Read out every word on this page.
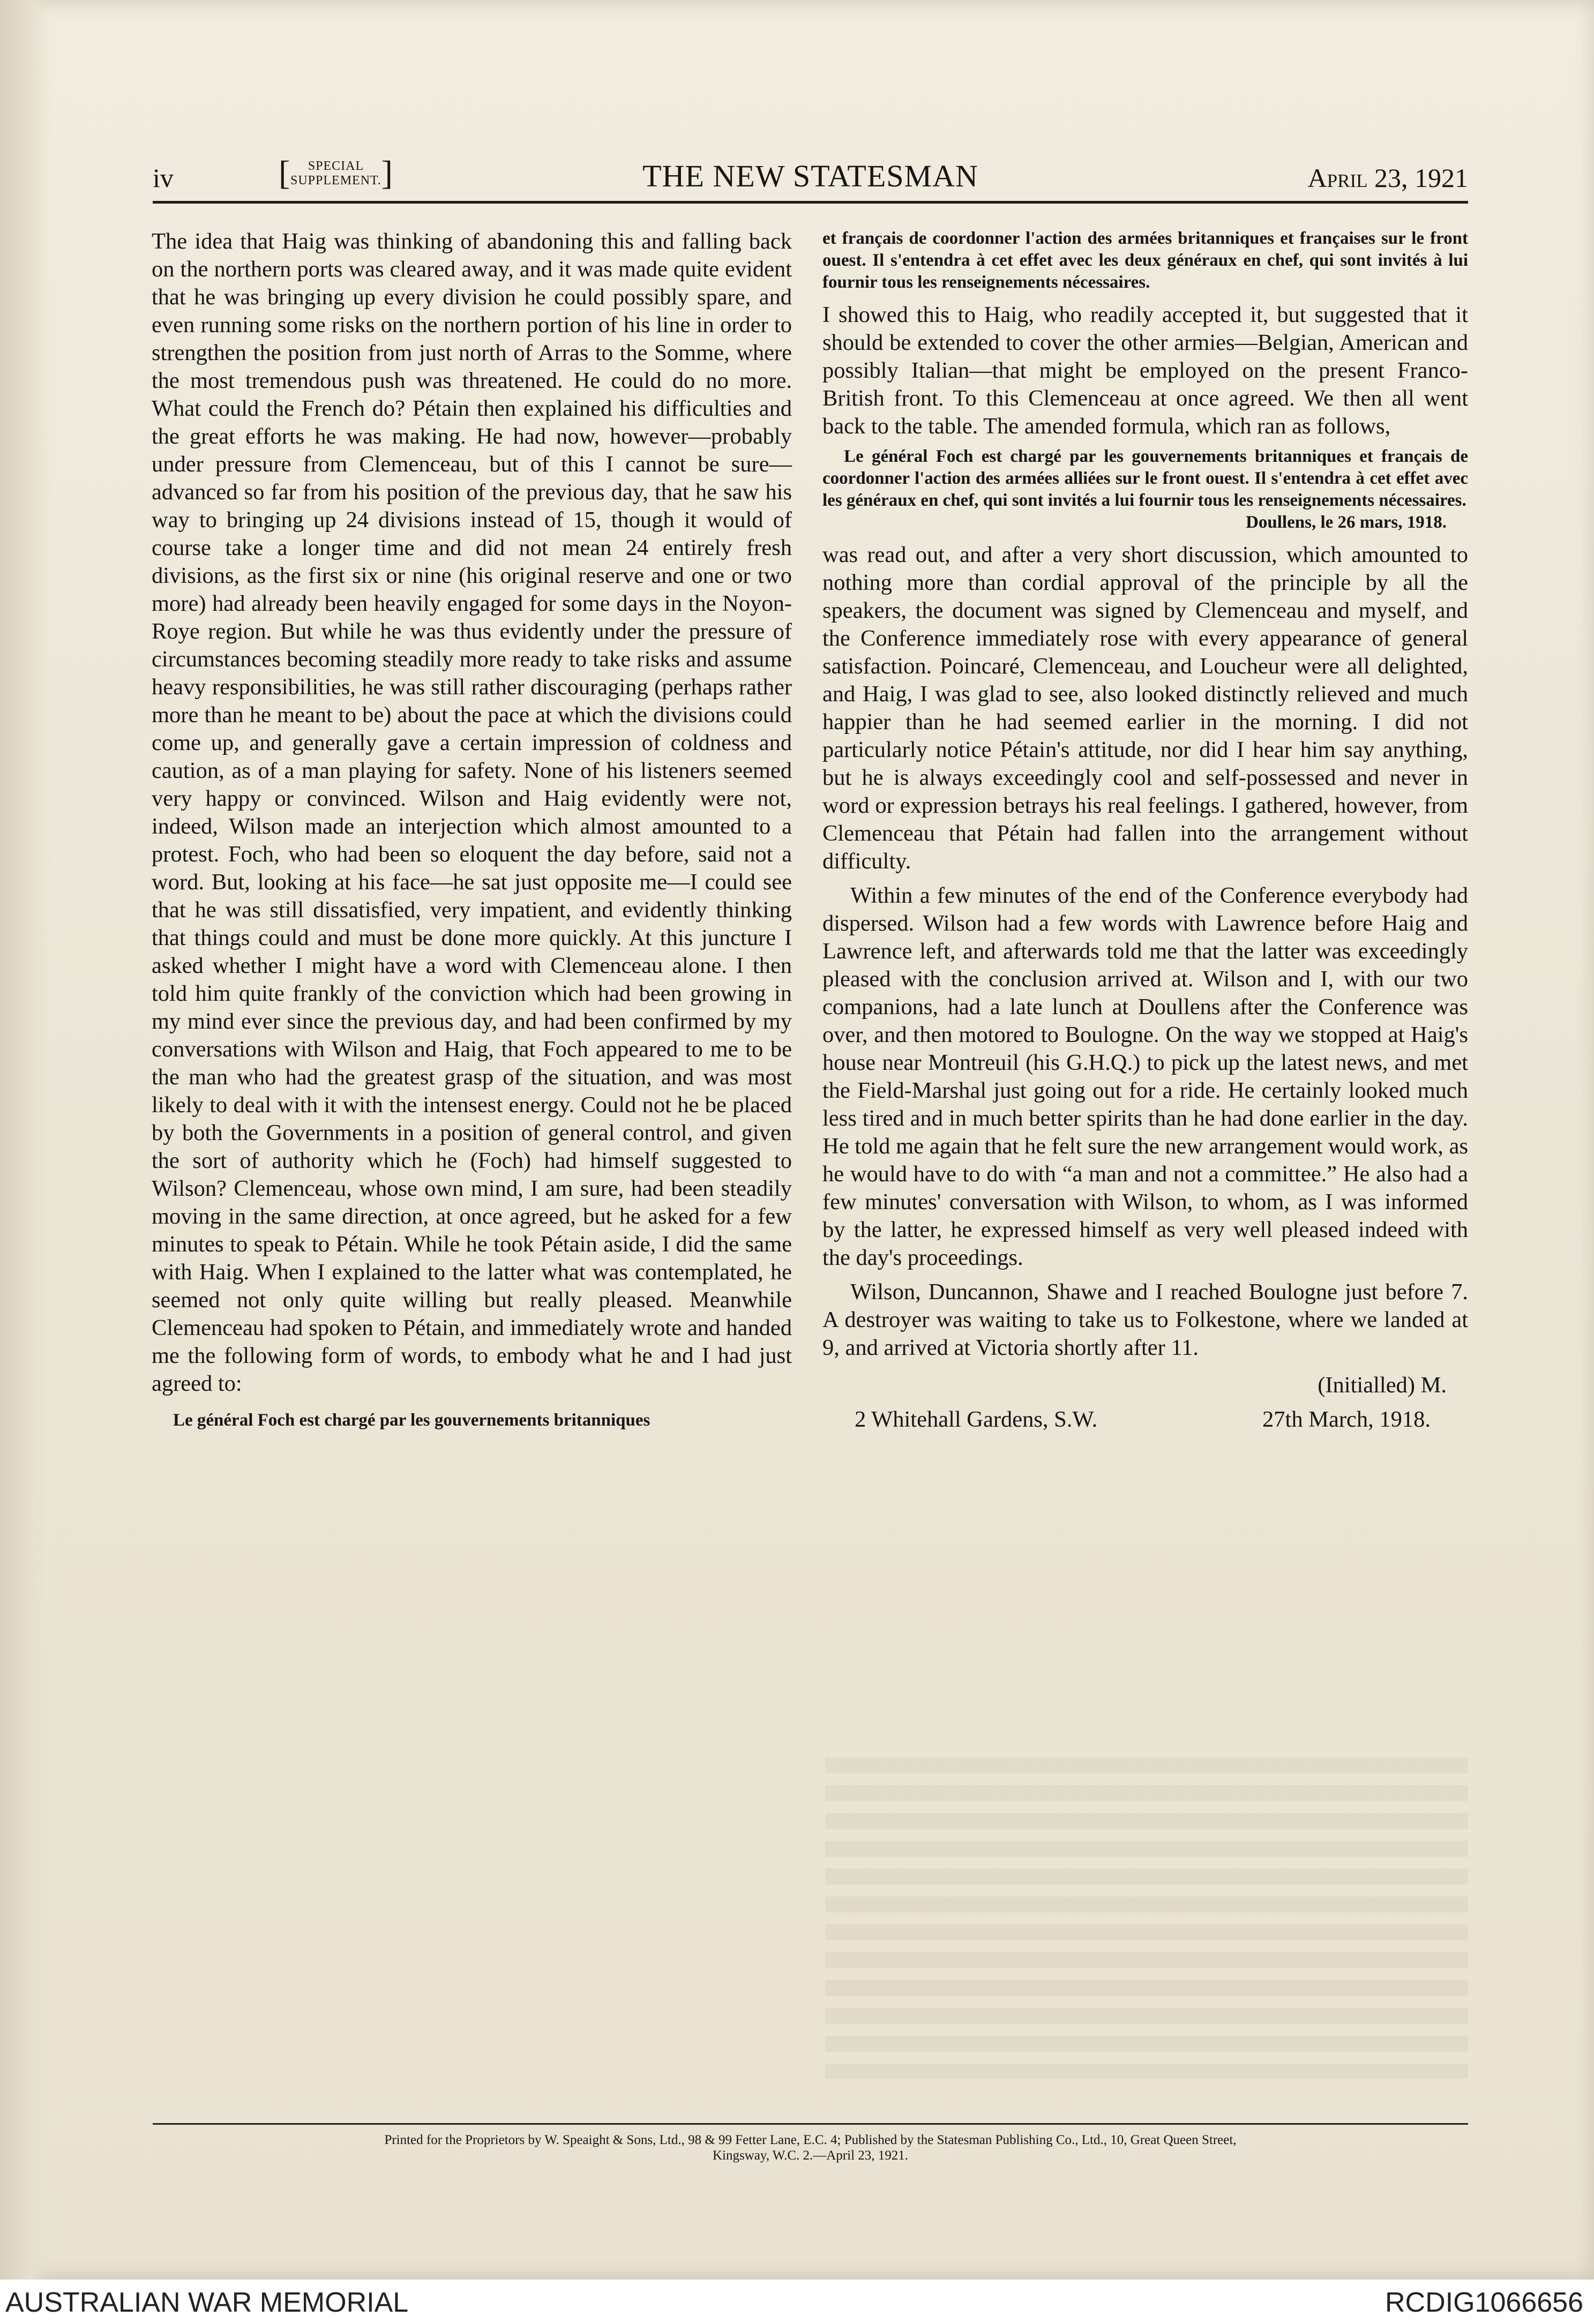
iv	[	SPECIAL
SUPPLEMENT. ]	THE NEW STATESMAN	April 23, 1921

The idea that Haig was thinking of abandoning this and falling back on the northern ports was cleared away, and it was made quite evident that he was bringing up every division he could possibly spare, and even running some risks on the northern portion of his line in order to strengthen the position from just north of Arras to the Somme, where the most tremendous push was threatened. He could do no more. What could the French do? Pétain then explained his difficulties and the great efforts he was making. He had now, however—probably under pressure from Clemenceau, but of this I cannot be sure—advanced so far from his position of the previous day, that he saw his way to bringing up 24 divisions instead of 15, though it would of course take a longer time and did not mean 24 entirely fresh divisions, as the first six or nine (his original reserve and one or two more) had already been heavily engaged for some days in the Noyon-Roye region. But while he was thus evidently under the pressure of circumstances becoming steadily more ready to take risks and assume heavy responsibilities, he was still rather discouraging (perhaps rather more than he meant to be) about the pace at which the divisions could come up, and generally gave a certain impression of coldness and caution, as of a man playing for safety. None of his listeners seemed very happy or convinced. Wilson and Haig evidently were not, indeed, Wilson made an interjection which almost amounted to a protest. Foch, who had been so eloquent the day before, said not a word. But, looking at his face—he sat just opposite me—I could see that he was still dissatisfied, very impatient, and evidently thinking that things could and must be done more quickly. At this juncture I asked whether I might have a word with Clemenceau alone. I then told him quite frankly of the conviction which had been growing in my mind ever since the previous day, and had been confirmed by my conversations with Wilson and Haig, that Foch appeared to me to be the man who had the greatest grasp of the situation, and was most likely to deal with it with the intensest energy. Could not he be placed by both the Governments in a position of general control, and given the sort of authority which he (Foch) had himself suggested to Wilson? Clemenceau, whose own mind, I am sure, had been steadily moving in the same direction, at once agreed, but he asked for a few minutes to speak to Pétain. While he took Pétain aside, I did the same with Haig. When I explained to the latter what was contemplated, he seemed not only quite willing but really pleased. Meanwhile Clemenceau had spoken to Pétain, and immediately wrote and handed me the following form of words, to embody what he and I had just agreed to:

Le général Foch est chargé par les gouvernements britanniques
et français de coordonner l'action des armées britanniques et françaises sur le front ouest. Il s'entendra à cet effet avec les deux généraux en chef, qui sont invités à lui fournir tous les renseignements nécessaires.

I showed this to Haig, who readily accepted it, but suggested that it should be extended to cover the other armies—Belgian, American and possibly Italian—that might be employed on the present Franco-British front. To this Clemenceau at once agreed. We then all went back to the table. The amended formula, which ran as follows,

Le général Foch est chargé par les gouvernements britanniques et français de coordonner l'action des armées alliées sur le front ouest. Il s'entendra à cet effet avec les généraux en chef, qui sont invités a lui fournir tous les renseignements nécessaires.
Doullens, le 26 mars, 1918.

was read out, and after a very short discussion, which amounted to nothing more than cordial approval of the principle by all the speakers, the document was signed by Clemenceau and myself, and the Conference immediately rose with every appearance of general satisfaction. Poincaré, Clemenceau, and Loucheur were all delighted, and Haig, I was glad to see, also looked distinctly relieved and much happier than he had seemed earlier in the morning. I did not particularly notice Pétain's attitude, nor did I hear him say anything, but he is always exceedingly cool and self-possessed and never in word or expression betrays his real feelings. I gathered, however, from Clemenceau that Pétain had fallen into the arrangement without difficulty.

Within a few minutes of the end of the Conference everybody had dispersed. Wilson had a few words with Lawrence before Haig and Lawrence left, and afterwards told me that the latter was exceedingly pleased with the conclusion arrived at. Wilson and I, with our two companions, had a late lunch at Doullens after the Conference was over, and then motored to Boulogne. On the way we stopped at Haig's house near Montreuil (his G.H.Q.) to pick up the latest news, and met the Field-Marshal just going out for a ride. He certainly looked much less tired and in much better spirits than he had done earlier in the day. He told me again that he felt sure the new arrangement would work, as he would have to do with “a man and not a committee.” He also had a few minutes' conversation with Wilson, to whom, as I was informed by the latter, he expressed himself as very well pleased indeed with the day's proceedings.

Wilson, Duncannon, Shawe and I reached Boulogne just before 7. A destroyer was waiting to take us to Folkestone, where we landed at 9, and arrived at Victoria shortly after 11.

(Initialled) M.
2 Whitehall Gardens, S.W.	27th March, 1918.
Printed for the Proprietors by W. Speaight & Sons, Ltd., 98 & 99 Fetter Lane, E.C. 4; Published by the Statesman Publishing Co., Ltd., 10, Great Queen Street,
Kingsway, W.C. 2.—April 23, 1921.
AUSTRALIAN WAR MEMORIAL	RCDIG1066656
